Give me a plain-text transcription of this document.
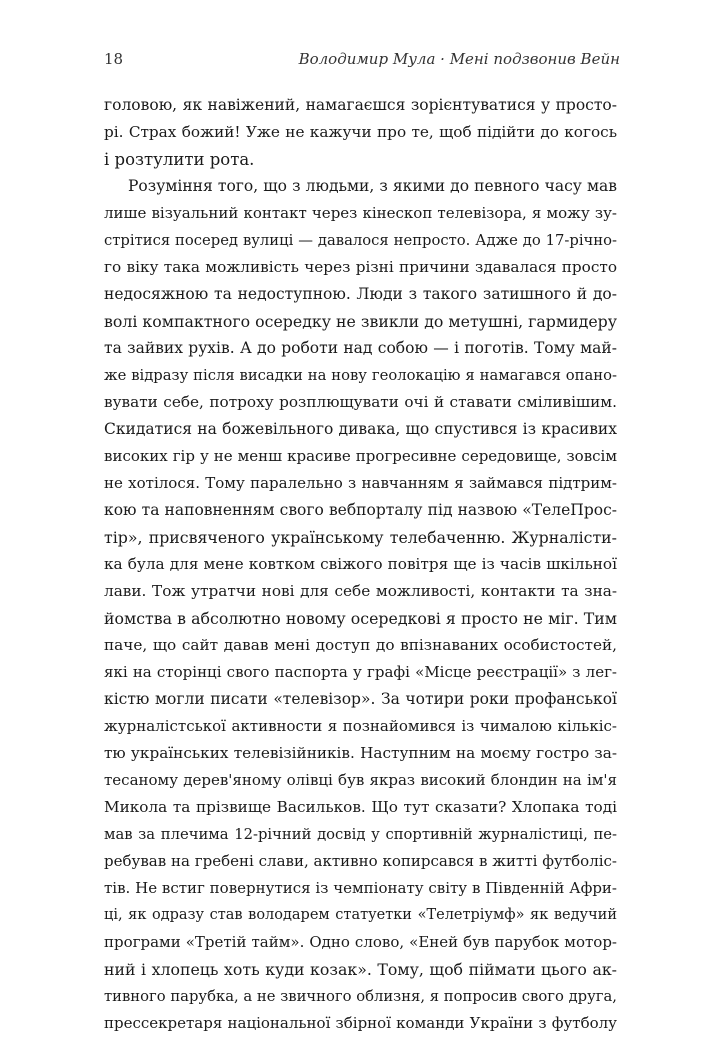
18	Володимир Мула · Мені подзвонив Вейн
головою, як навіжений, намагаєшся зорієнтуватися у просто-
рі. Страх божий! Уже не кажучи про те, щоб підійти до когось
і розтулити рота.
Розуміння того, що з людьми, з якими до певного часу мав
лише візуальний контакт через кінескоп телевізора, я можу зу-
стрітися посеред вулиці — давалося непросто. Адже до 17-річно-
го віку така можливість через різні причини здавалася просто
недосяжною та недоступною. Люди з такого затишного й до-
волі компактного осередку не звикли до метушні, гармидеру
та зайвих рухів. А до роботи над собою — і поготів. Тому май-
же відразу після висадки на нову геолокацію я намагався опано-
вувати себе, потроху розплющувати очі й ставати сміливішим.
Скидатися на божевільного дивака, що спустився із красивих
високих гір у не менш красиве прогресивне середовище, зовсім
не хотілося. Тому паралельно з навчанням я займався підтрим-
кою та наповненням свого вебпорталу під назвою «ТелеПрос-
тір», присвяченого українському телебаченню. Журналісти-
ка була для мене ковтком свіжого повітря ще із часів шкільної
лави. Тож утратчи нові для себе можливості, контакти та зна-
йомства в абсолютно новому осередкові я просто не міг. Тим
паче, що сайт давав мені доступ до впізнаваних особистостей,
які на сторінці свого паспорта у графі «Місце реєстрації» з лег-
кістю могли писати «телевізор». За чотири роки профанської
журналістської активности я познайомився із чималою кількіс-
тю українських телевізійників. Наступним на моєму гостро за-
тесаному дерев'яному олівці був якраз високий блондин на ім'я
Микола та прізвище Васильков. Що тут сказати? Хлопака тоді
мав за плечима 12-річний досвід у спортивній журналістиці, пе-
ребував на гребені слави, активно копирсався в житті футболіс-
тів. Не встиг повернутися із чемпіонату світу в Південній Афри-
ці, як одразу став володарем статуетки «Телетріумф» як ведучий
програми «Третій тайм». Одно слово, «Еней був парубок мотор-
ний і хлопець хоть куди козак». Тому, щоб піймати цього ак-
тивного парубка, а не звичного облизня, я попросив свого друга,
прессекретаря національної збірної команди України з футболу
